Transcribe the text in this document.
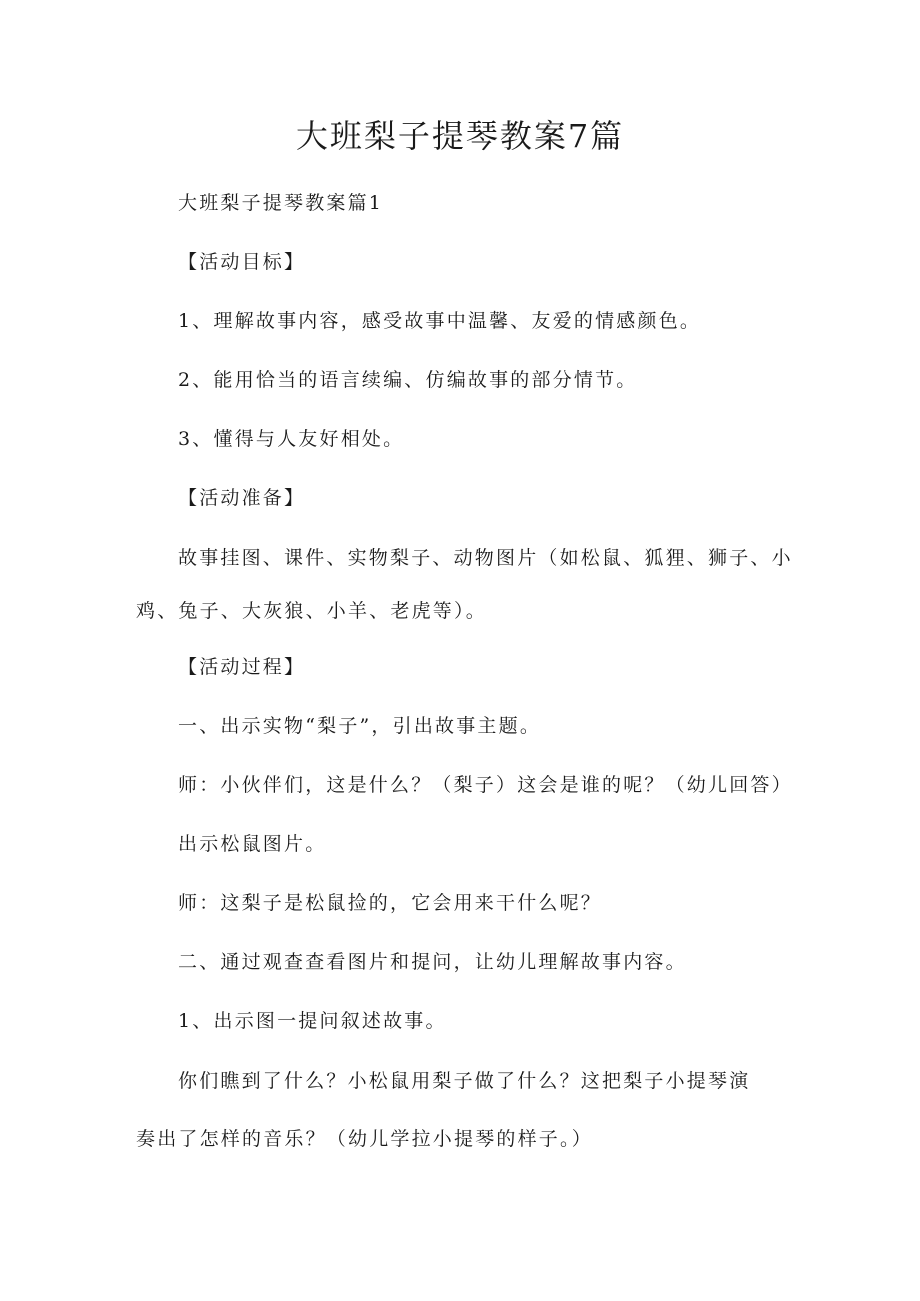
大班梨子提琴教案7篇

大班梨子提琴教案篇1

【活动目标】

1、理解故事内容，感受故事中温馨、友爱的情感颜色。

2、能用恰当的语言续编、仿编故事的部分情节。

3、懂得与人友好相处。

【活动准备】

故事挂图、课件、实物梨子、动物图片（如松鼠、狐狸、狮子、小

鸡、兔子、大灰狼、小羊、老虎等）。

【活动过程】

一、出示实物“梨子”，引出故事主题。

师：小伙伴们，这是什么？（梨子）这会是谁的呢？（幼儿回答）

出示松鼠图片。

师：这梨子是松鼠捡的，它会用来干什么呢？

二、通过观查查看图片和提问，让幼儿理解故事内容。

1、出示图一提问叙述故事。

你们瞧到了什么？小松鼠用梨子做了什么？这把梨子小提琴演

奏出了怎样的音乐？（幼儿学拉小提琴的样子。）
